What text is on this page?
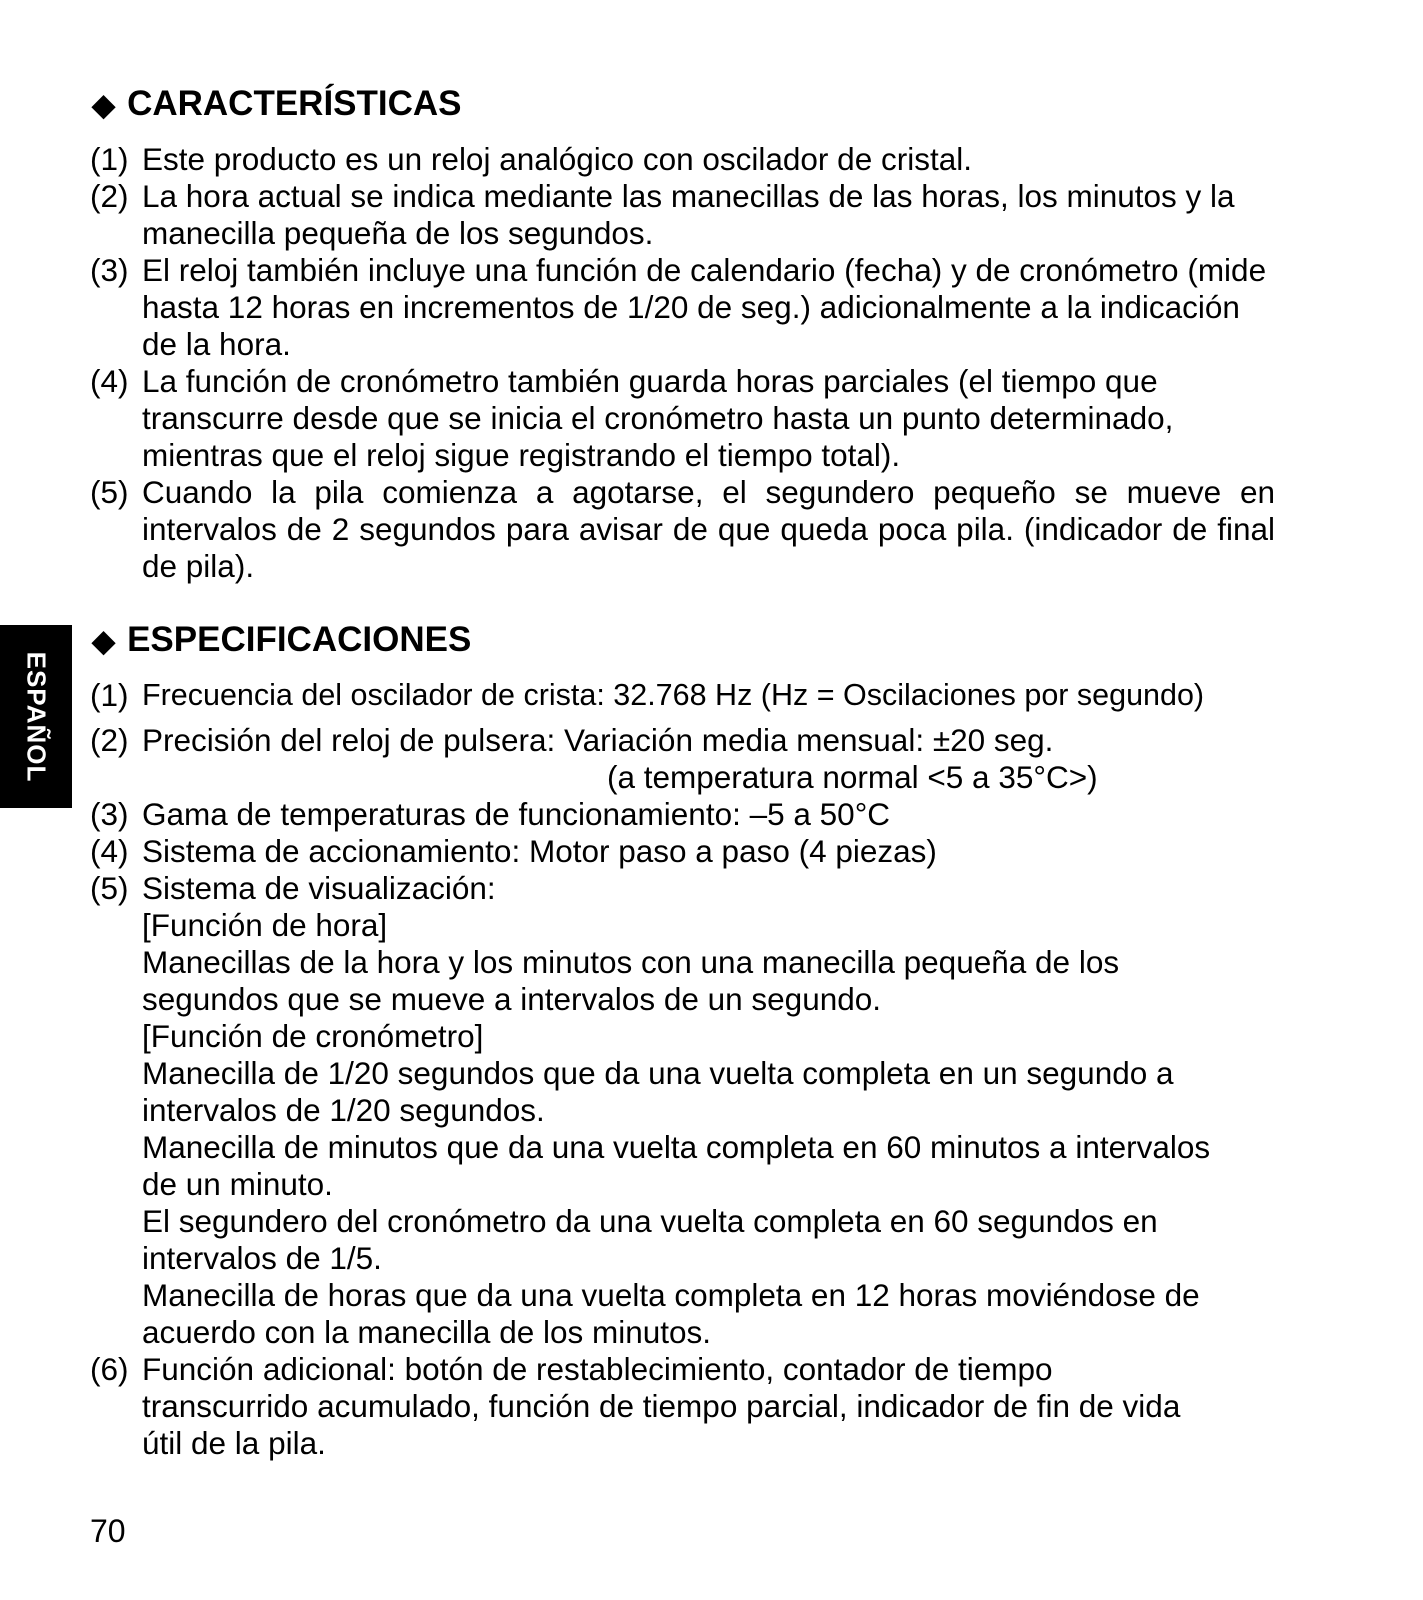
ESPAÑOL
◆ CARACTERÍSTICAS
(1) Este producto es un reloj analógico con oscilador de cristal.
(2) La hora actual se indica mediante las manecillas de las horas, los minutos y la manecilla pequeña de los segundos.
(3) El reloj también incluye una función de calendario (fecha) y de cronómetro (mide hasta 12 horas en incrementos de 1/20 de seg.) adicionalmente a la indicación de la hora.
(4) La función de cronómetro también guarda horas parciales (el tiempo que transcurre desde que se inicia el cronómetro hasta un punto determinado, mientras que el reloj sigue registrando el tiempo total).
(5) Cuando la pila comienza a agotarse, el segundero pequeño se mueve en intervalos de 2 segundos para avisar de que queda poca pila. (indicador de final de pila).
◆ ESPECIFICACIONES
(1) Frecuencia del oscilador de crista: 32.768 Hz (Hz = Oscilaciones por segundo)
(2) Precisión del reloj de pulsera: Variación media mensual: ±20 seg.
(a temperatura normal <5 a 35°C>)
(3) Gama de temperaturas de funcionamiento: –5 a 50°C
(4) Sistema de accionamiento: Motor paso a paso (4 piezas)
(5) Sistema de visualización:
[Función de hora]
Manecillas de la hora y los minutos con una manecilla pequeña de los segundos que se mueve a intervalos de un segundo.
[Función de cronómetro]
Manecilla de 1/20 segundos que da una vuelta completa en un segundo a intervalos de 1/20 segundos.
Manecilla de minutos que da una vuelta completa en 60 minutos a intervalos de un minuto.
El segundero del cronómetro da una vuelta completa en 60 segundos en intervalos de 1/5.
Manecilla de horas que da una vuelta completa en 12 horas moviéndose de acuerdo con la manecilla de los minutos.
(6) Función adicional: botón de restablecimiento, contador de tiempo transcurrido acumulado, función de tiempo parcial, indicador de fin de vida útil de la pila.
70
